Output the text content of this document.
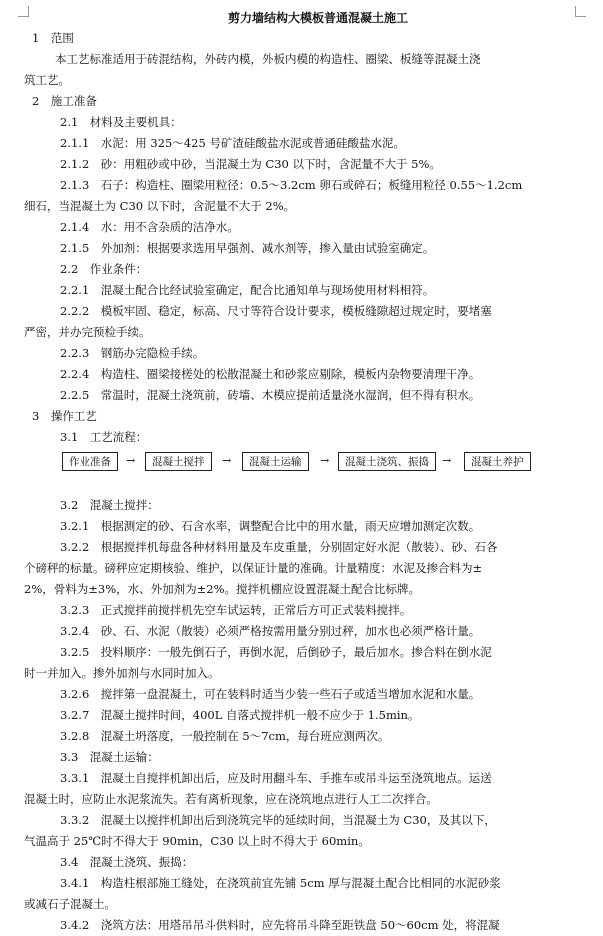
剪力墙结构大模板普通混凝土施工
1　范围
　　本工艺标准适用于砖混结构，外砖内模，外板内模的构造柱、圈梁、板缝等混凝土浇
筑工艺。
2　施工准备
2.1　材料及主要机具：
2.1.1　水泥：用 325～425 号矿渣硅酸盐水泥或普通硅酸盐水泥。
2.1.2　砂：用粗砂或中砂，当混凝土为 C30 以下时，含泥量不大于 5%。
2.1.3　石子：构造柱、圈梁用粒径：0.5～3.2cm 卵石或碎石；板缝用粒径 0.55～1.2cm
细石，当混凝土为 C30 以下时，含泥量不大于 2%。
2.1.4　水：用不含杂质的洁净水。
2.1.5　外加剂：根据要求选用早强剂、减水剂等，掺入量由试验室确定。
2.2　作业条件：
2.2.1　混凝土配合比经试验室确定，配合比通知单与现场使用材料相符。
2.2.2　模板牢固、稳定，标高、尺寸等符合设计要求，模板缝隙超过规定时，要堵塞
严密，并办完预检手续。
2.2.3　钢筋办完隐检手续。
2.2.4　构造柱、圈梁接槎处的松散混凝土和砂浆应剔除，模板内杂物要清理干净。
2.2.5　常温时，混凝土浇筑前，砖墙、木模应提前适量浇水湿润，但不得有积水。
3　操作工艺
3.1　工艺流程：
作业准备	→	混凝土搅拌	→	混凝土运输	→	混凝土浇筑、振捣	→	混凝土养护
3.2　混凝土搅拌：
3.2.1　根据测定的砂、石含水率，调整配合比中的用水量，雨天应增加测定次数。
3.2.2　根据搅拌机每盘各种材料用量及车皮重量，分别固定好水泥（散装）、砂、石各
个磅秤的标量。磅秤应定期核验、维护，以保证计量的准确。计量精度：水泥及掺合料为±
2%，骨料为±3%，水、外加剂为±2%。搅拌机棚应设置混凝土配合比标牌。
3.2.3　正式搅拌前搅拌机先空车试运转，正常后方可正式装料搅拌。
3.2.4　砂、石、水泥（散装）必须严格按需用量分别过秤，加水也必须严格计量。
3.2.5　投料顺序：一般先倒石子，再倒水泥，后倒砂子，最后加水。掺合料在倒水泥
时一并加入。掺外加剂与水同时加入。
3.2.6　搅拌第一盘混凝土，可在装料时适当少装一些石子或适当增加水泥和水量。
3.2.7　混凝土搅拌时间，400L 自落式搅拌机一般不应少于 1.5min。
3.2.8　混凝土坍落度，一般控制在 5～7cm，每台班应测两次。
3.3　混凝土运输：
3.3.1　混凝土自搅拌机卸出后，应及时用翻斗车、手推车或吊斗运至浇筑地点。运送
混凝土时，应防止水泥浆流失。若有离析现象，应在浇筑地点进行人工二次拌合。
3.3.2　混凝土以搅拌机卸出后到浇筑完毕的延续时间，当混凝土为 C30，及其以下，
气温高于 25℃时不得大于 90min，C30 以上时不得大于 60min。
3.4　混凝土浇筑、振捣：
3.4.1　构造柱根部施工缝处，在浇筑前宜先铺 5cm 厚与混凝土配合比相同的水泥砂浆
或减石子混凝土。
3.4.2　浇筑方法：用塔吊吊斗供料时，应先将吊斗降至距铁盘 50～60cm 处，将混凝
